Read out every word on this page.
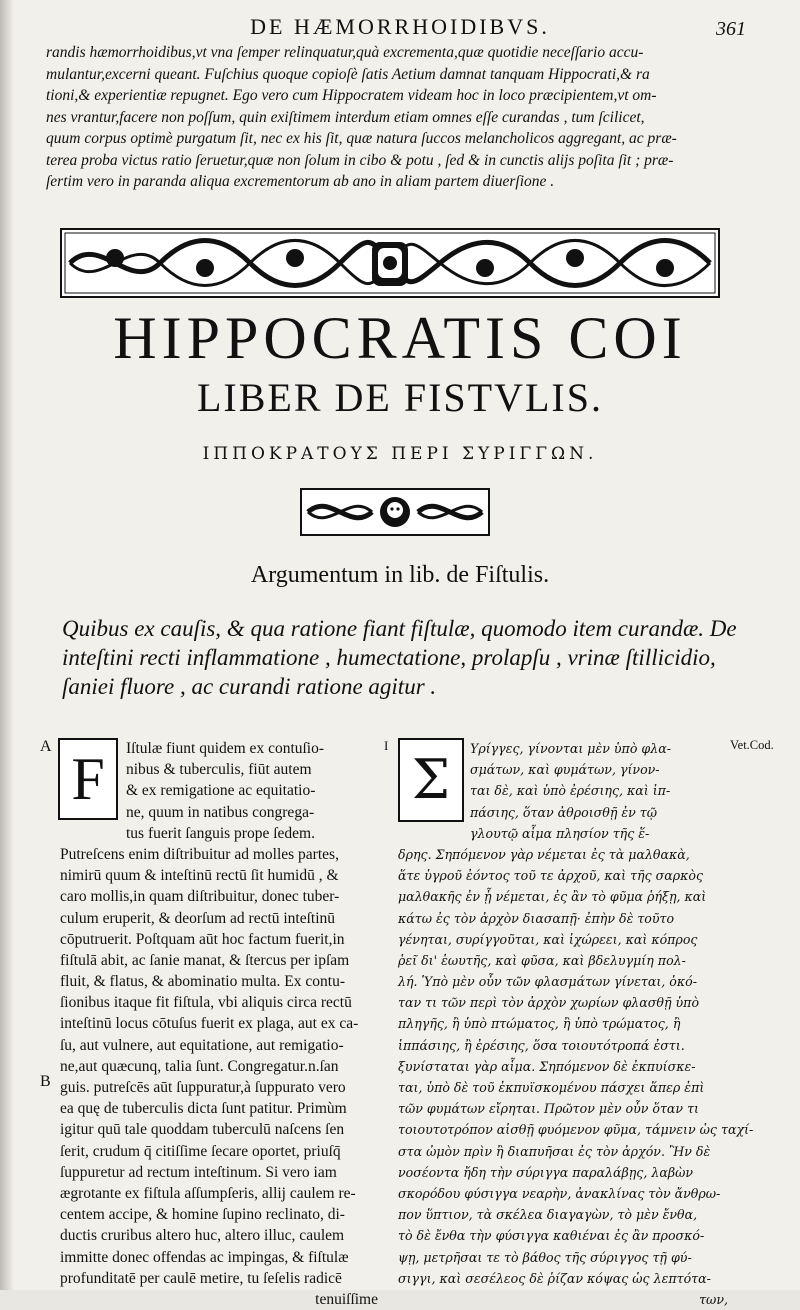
DE HÆMORRHOIDIBVS.	361
randis hæmorrhoidibus,vt vna ſemper relinquatur,quà excrementa,quæ quotidie neceſſario accu-
mulantur,excerni queant. Fuſchius quoque copioſè ſatis Aetium damnat tanquam Hippocrati,& ra
tioni,& experientiæ repugnet. Ego vero cum Hippocratem videam hoc in loco præcipientem,vt om-
nes vrantur,facere non poſſum, quin exiſtimem interdum etiam omnes eſſe curandas , tum ſcilicet,
quum corpus optimè purgatum ſit, nec ex his ſit, quæ natura ſuccos melancholicos aggregant, ac præ-
terea proba victus ratio ſeruetur,quæ non ſolum in cibo & potu , ſed & in cunctis alijs poſita ſit ; præ-
ſertim vero in paranda aliqua excrementorum ab ano in aliam partem diuerſione .
HIPPOCRATIS COI
LIBER DE FISTVLIS.
ΙΠΠΟΚΡΑΤΟΥΣ ΠΕΡΙ ΣΥΡΙΓΓΩΝ.
Argumentum in lib. de Fiſtulis.
Quibus ex cauſis, & qua ratione fiant fiſtulæ, quomodo item curandæ. De
inteſtini recti inflammatione , humectatione, prolapſu , vrinæ ſtillicidio,
ſaniei fluore , ac curandi ratione agitur .
A
B
I	Vet.Cod.
Iſtulæ fiunt quidem ex contuſio-
nibus & tuberculis, fiūt autem
& ex remigatione ac equitatio-
ne, quum in natibus congrega-
tus fuerit ſanguis prope ſedem.
Putreſcens enim diſtribuitur ad molles partes,
nimirū quum & inteſtinū rectū ſit humidū , &
caro mollis,in quam diſtribuitur, donec tuber-
culum eruperit, & deorſum ad rectū inteſtinū
cōputruerit. Poſtquam aūt hoc factum fuerit,in
fiſtulā abit, ac ſanie manat, & ſtercus per ipſam
fluit, & flatus, & abominatio multa. Ex contu-
ſionibus itaque fit fiſtula, vbi aliquis circa rectū
inteſtinū locus cōtuſus fuerit ex plaga, aut ex ca-
ſu, aut vulnere, aut equitatione, aut remigatio-
ne,aut quæcunq, talia ſunt. Congregatur.n.ſan
guis. putreſcēs aūt ſuppuratur,à ſuppurato vero
ea quę de tuberculis dicta ſunt patitur. Primùm
igitur quū tale quoddam tuberculū naſcens ſen
ſerit, crudum q̄ citiſſime ſecare oportet, priuſq̄
ſuppuretur ad rectum inteſtinum. Si vero iam
ægrotante ex fiſtula aſſumpſeris, allij caulem re-
centem accipe, & homine ſupino reclinato, di-
ductis cruribus altero huc, altero illuc, caulem
immitte donec offendas ac impingas, & fiſtulæ
profunditatē per caulē metire, tu ſeſelis radicē
tenuiſſime
F	Υρίγγες, γίνονται μὲν ὑπὸ φλα-
σμάτων, καὶ φυμάτων, γίνον-
ται δὲ, καὶ ὑπὸ ἐρέσιης, καὶ ἱπ-
πάσιης, ὅταν ἀθροισθῇ ἐν τῷ
γλουτῷ αἷμα πλησίον τῆς ἕ-
δρης. Σηπόμενον γὰρ νέμεται ἐς τὰ μαλθακὰ,
ἅτε ὑγροῦ ἐόντος τοῦ τε ἀρχοῦ, καὶ τῆς σαρκὸς
μαλθακῆς ἐν ᾗ νέμεται, ἐς ἂν τὸ φῦμα ῥήξῃ, καὶ
κάτω ἐς τὸν ἀρχὸν διασαπῇ· ἐπὴν δὲ τοῦτο
γένηται, συρίγγοῦται, καὶ ἰχώρεει, καὶ κόπρος
ῥεῖ δι' ἑωυτῆς, καὶ φῦσα, καὶ βδελυγμίη πολ-
λή. Ὑπὸ μὲν οὖν τῶν φλασμάτων γίνεται, ὁκό-
ταν τι τῶν περὶ τὸν ἀρχὸν χωρίων φλασθῇ ὑπὸ
πληγῆς, ἢ ὑπὸ πτώματος, ἢ ὑπὸ τρώματος, ἢ
ἱππάσιης, ἢ ἐρέσιης, ὅσα τοιουτότροπά ἐστι.
ξυνίσταται γὰρ αἷμα. Σηπόμενον δὲ ἐκπυίσκε-
ται, ὑπὸ δὲ τοῦ ἐκπυϊσκομένου πάσχει ἅπερ ἐπὶ
τῶν φυμάτων εἴρηται. Πρῶτον μὲν οὖν ὅταν τι
τοιουτοτρόπον αἰσθῇ φυόμενον φῦμα, τάμνειν ὡς ταχί-
στα ὠμὸν πρὶν ἢ διαπυῆσαι ἐς τὸν ἀρχόν. Ἢν δὲ
νοσέοντα ἤδη τὴν σύριγγα παραλάβῃς, λαβὼν
σκορόδου φύσιγγα νεαρὴν, ἀνακλίνας τὸν ἄνθρω-
πον ὕπτιον, τὰ σκέλεα διαγαγὼν, τὸ μὲν ἔνθα,
τὸ δὲ ἔνθα τὴν φύσιγγα καθιέναι ἐς ἂν προσκό-
ψῃ, μετρῆσαι τε τὸ βάθος τῆς σύριγγος τῇ φύ-
σιγγι, καὶ σεσέλεος δὲ ῥίζαν κόψας ὡς λεπτότα-
των,
Σ
